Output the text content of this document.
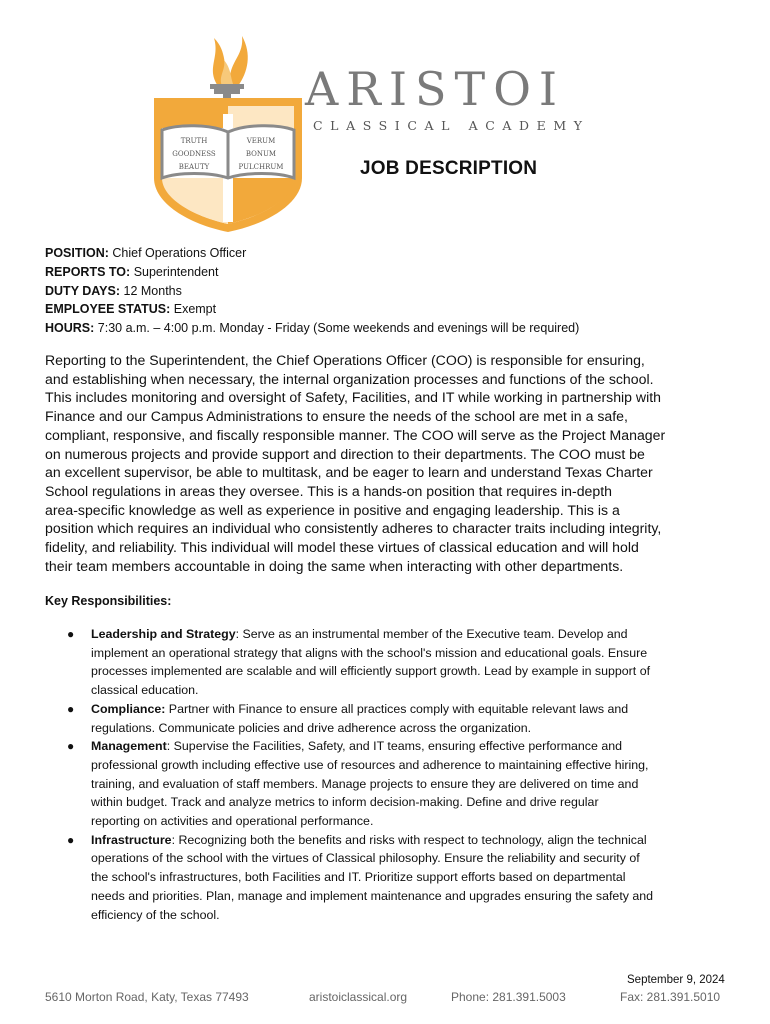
TRUTH	VERUM
GOODNESS	BONUM
BEAUTY	PULCHRUM
ARISTOI
CLASSICAL ACADEMY
JOB DESCRIPTION
POSITION: Chief Operations Officer
REPORTS TO: Superintendent
DUTY DAYS: 12 Months
EMPLOYEE STATUS: Exempt
HOURS: 7:30 a.m. – 4:00 p.m. Monday - Friday (Some weekends and evenings will be required)
Reporting to the Superintendent, the Chief Operations Officer (COO) is responsible for ensuring,
and establishing when necessary, the internal organization processes and functions of the school.
This includes monitoring and oversight of Safety, Facilities, and IT while working in partnership with
Finance and our Campus Administrations to ensure the needs of the school are met in a safe,
compliant, responsive, and fiscally responsible manner. The COO will serve as the Project Manager
on numerous projects and provide support and direction to their departments. The COO must be
an excellent supervisor, be able to multitask, and be eager to learn and understand Texas Charter
School regulations in areas they oversee. This is a hands-on position that requires in-depth
area-specific knowledge as well as experience in positive and engaging leadership. This is a
position which requires an individual who consistently adheres to character traits including integrity,
fidelity, and reliability. This individual will model these virtues of classical education and will hold
their team members accountable in doing the same when interacting with other departments.
Key Responsibilities:
● Leadership and Strategy: Serve as an instrumental member of the Executive team. Develop and
implement an operational strategy that aligns with the school's mission and educational goals. Ensure
processes implemented are scalable and will efficiently support growth. Lead by example in support of
classical education.
● Compliance: Partner with Finance to ensure all practices comply with equitable relevant laws and
regulations. Communicate policies and drive adherence across the organization.
● Management: Supervise the Facilities, Safety, and IT teams, ensuring effective performance and
professional growth including effective use of resources and adherence to maintaining effective hiring,
training, and evaluation of staff members. Manage projects to ensure they are delivered on time and
within budget. Track and analyze metrics to inform decision-making. Define and drive regular
reporting on activities and operational performance.
● Infrastructure: Recognizing both the benefits and risks with respect to technology, align the technical
operations of the school with the virtues of Classical philosophy. Ensure the reliability and security of
the school's infrastructures, both Facilities and IT. Prioritize support efforts based on departmental
needs and priorities. Plan, manage and implement maintenance and upgrades ensuring the safety and
efficiency of the school.
September 9, 2024
5610 Morton Road, Katy, Texas 77493	aristoiclassical.org	Phone: 281.391.5003	Fax: 281.391.5010
